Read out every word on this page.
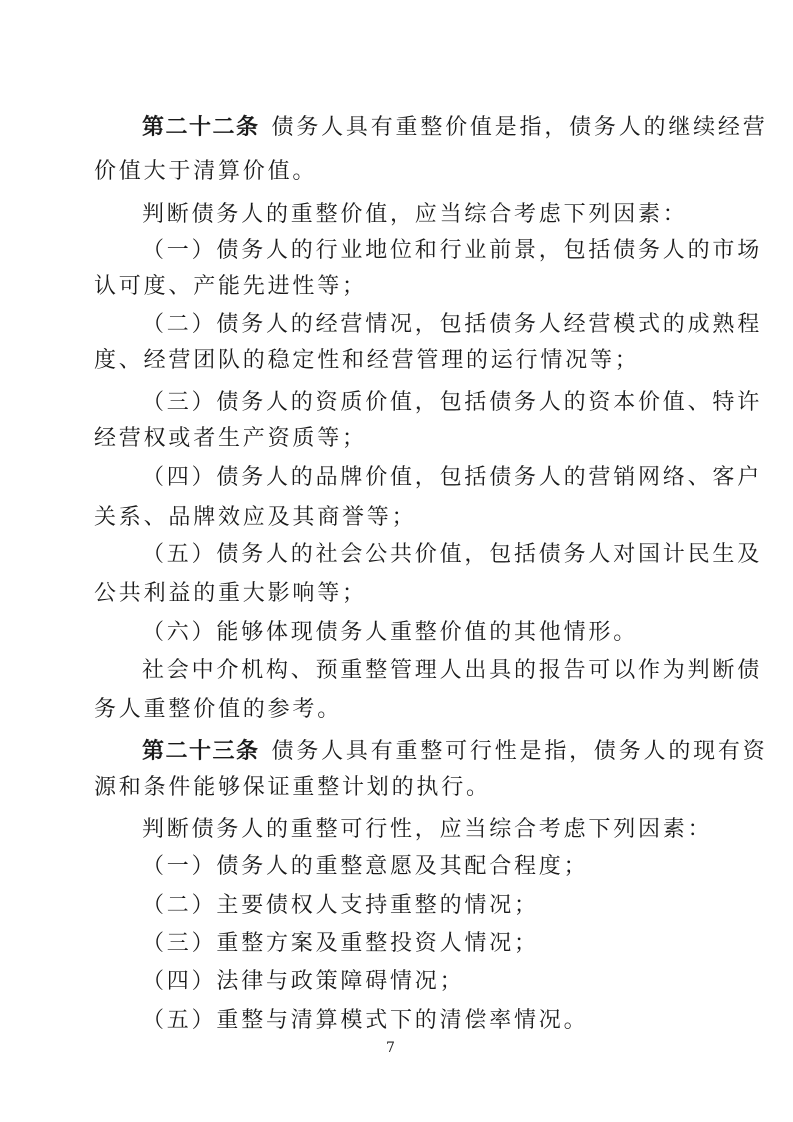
第二十二条 债务人具有重整价值是指，债务人的继续经营
价值大于清算价值。
判断债务人的重整价值，应当综合考虑下列因素：
（一）债务人的行业地位和行业前景，包括债务人的市场
认可度、产能先进性等；
（二）债务人的经营情况，包括债务人经营模式的成熟程
度、经营团队的稳定性和经营管理的运行情况等；
（三）债务人的资质价值，包括债务人的资本价值、特许
经营权或者生产资质等；
（四）债务人的品牌价值，包括债务人的营销网络、客户
关系、品牌效应及其商誉等；
（五）债务人的社会公共价值，包括债务人对国计民生及
公共利益的重大影响等；
（六）能够体现债务人重整价值的其他情形。
社会中介机构、预重整管理人出具的报告可以作为判断债
务人重整价值的参考。
第二十三条 债务人具有重整可行性是指，债务人的现有资
源和条件能够保证重整计划的执行。
判断债务人的重整可行性，应当综合考虑下列因素：
（一）债务人的重整意愿及其配合程度；
（二）主要债权人支持重整的情况；
（三）重整方案及重整投资人情况；
（四）法律与政策障碍情况；
（五）重整与清算模式下的清偿率情况。
7
